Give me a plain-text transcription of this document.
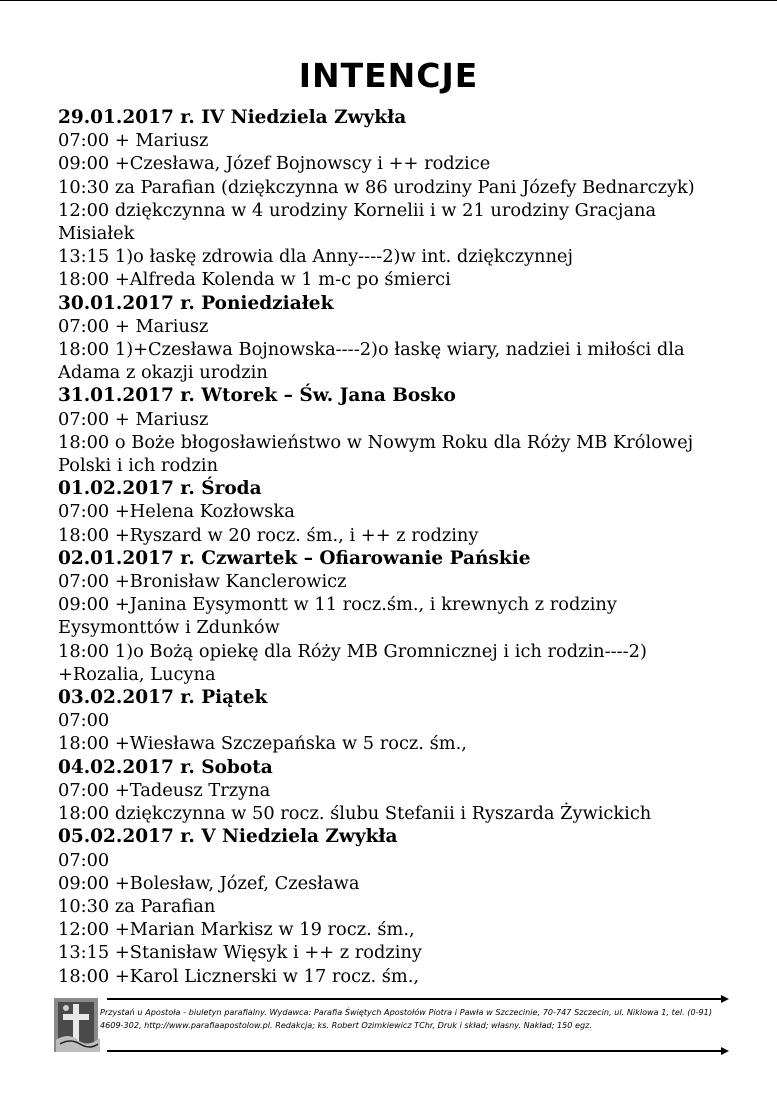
INTENCJE
29.01.2017 r. IV Niedziela Zwykła
07:00 + Mariusz
09:00 +Czesława, Józef Bojnowscy i ++ rodzice
10:30 za Parafian (dziękczynna w 86 urodziny Pani Józefy Bednarczyk)
12:00 dziękczynna w 4 urodziny Kornelii i w 21 urodziny Gracjana
Misiałek
13:15 1)o łaskę zdrowia dla Anny----2)w int. dziękczynnej
18:00 +Alfreda Kolenda w 1 m-c po śmierci
30.01.2017 r. Poniedziałek
07:00 + Mariusz
18:00 1)+Czesława Bojnowska----2)o łaskę wiary, nadziei i miłości dla
Adama z okazji urodzin
31.01.2017 r. Wtorek – Św. Jana Bosko
07:00 + Mariusz
18:00 o Boże błogosławieństwo w Nowym Roku dla Róży MB Królowej
Polski i ich rodzin
01.02.2017 r. Środa
07:00 +Helena Kozłowska
18:00 +Ryszard w 20 rocz. śm., i ++ z rodziny
02.01.2017 r. Czwartek – Ofiarowanie Pańskie
07:00 +Bronisław Kanclerowicz
09:00 +Janina Eysymontt w 11 rocz.śm., i krewnych z rodziny
Eysymonttów i Zdunków
18:00 1)o Bożą opiekę dla Róży MB Gromnicznej i ich rodzin----2)
+Rozalia, Lucyna
03.02.2017 r. Piątek
07:00
18:00 +Wiesława Szczepańska w 5 rocz. śm.,
04.02.2017 r. Sobota
07:00 +Tadeusz Trzyna
18:00 dziękczynna w 50 rocz. ślubu Stefanii i Ryszarda Żywickich
05.02.2017 r. V Niedziela Zwykła
07:00
09:00 +Bolesław, Józef, Czesława
10:30 za Parafian
12:00 +Marian Markisz w 19 rocz. śm.,
13:15 +Stanisław Więsyk i ++ z rodziny
18:00 +Karol Licznerski w 17 rocz. śm.,
Przystań u Apostoła - biuletyn parafialny. Wydawca: Parafia Świętych Apostołów Piotra i Pawła w Szczecinie, 70-747 Szczecin, ul. Niklowa 1, tel. (0-91) 4609-302, http://www.parafiaapostolow.pl. Redakcja; ks. Robert Ozimkiewicz TChr, Druk i skład; własny. Nakład; 150 egz.
